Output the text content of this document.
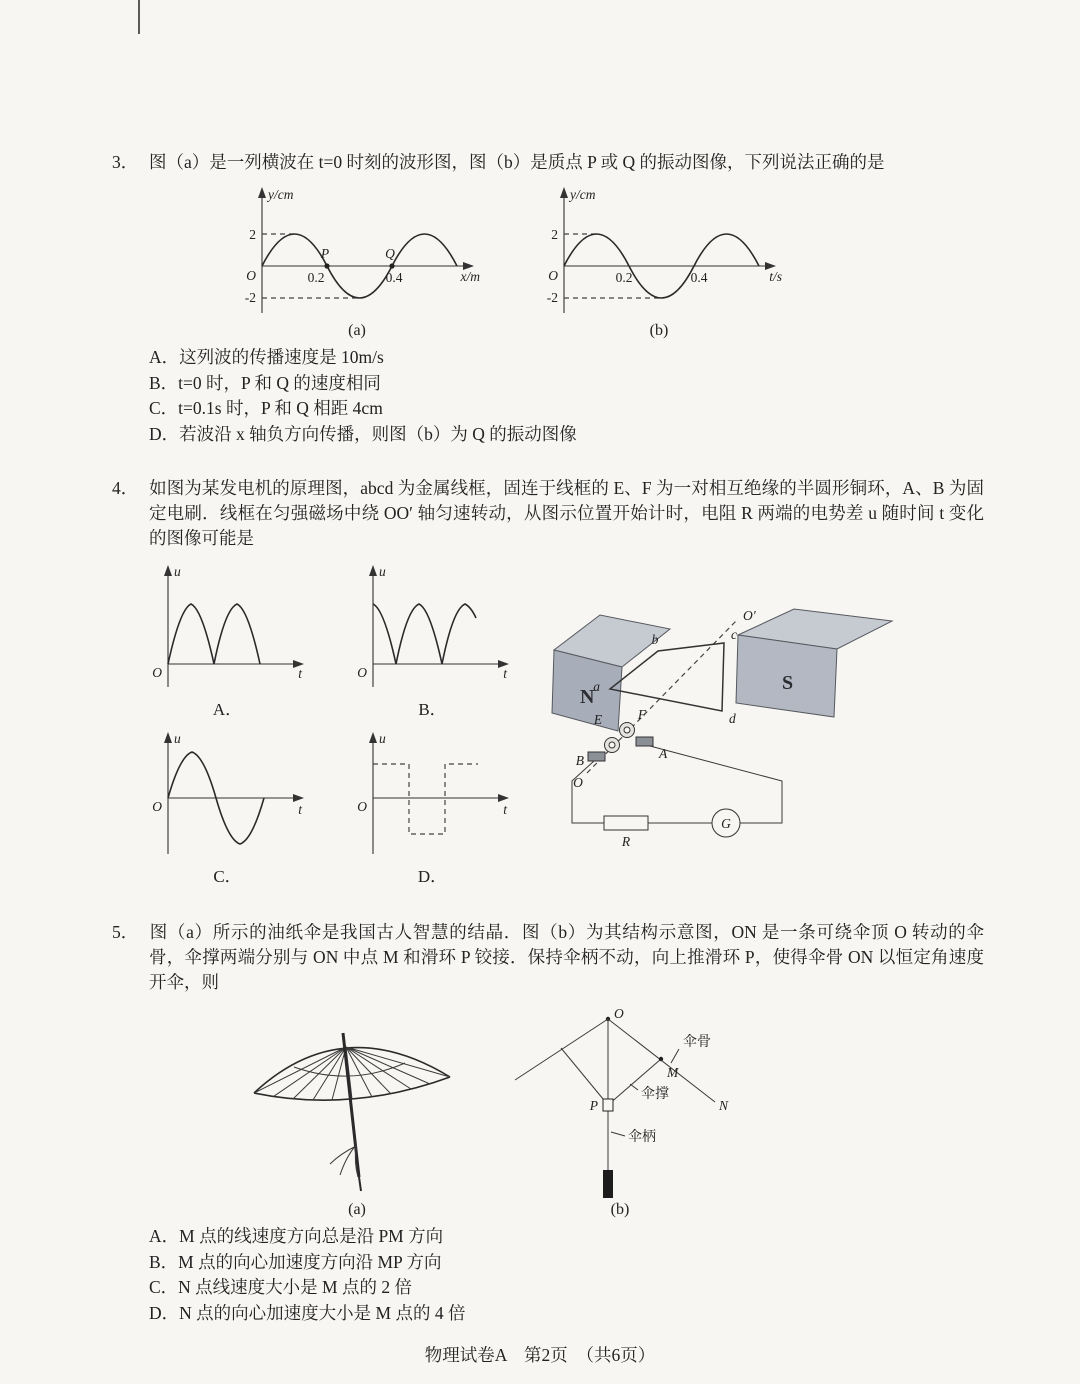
3． 图（a）是一列横波在 t=0 时刻的波形图，图（b）是质点 P 或 Q 的振动图像，下列说法正确的是
y/cm
x/m
O
2
-2
0.2	0.4
P	Q
(a)
y/cm
t/s
O
2
-2
0.2	0.4
(b)
A．这列波的传播速度是 10m/s
B．t=0 时，P 和 Q 的速度相同
C．t=0.1s 时，P 和 Q 相距 4cm
D．若波沿 x 轴负方向传播，则图（b）为 Q 的振动图像
4． 如图为某发电机的原理图，abcd 为金属线框，固连于线框的 E、F 为一对相互绝缘的半圆形铜环，A、B 为固定电刷．线框在匀强磁场中绕 OO′ 轴匀速转动，从图示位置开始计时，电阻 R 两端的电势差 u 随时间 t 变化的图像可能是
u
t
O
A．
u
t
O
B．
u
t
O
C．
u
t
O
D．
N
S
O′
O
a
b	c
d
E	F
A
B
R
G
5． 图（a）所示的油纸伞是我国古人智慧的结晶．图（b）为其结构示意图，ON 是一条可绕伞顶 O 转动的伞骨，伞撑两端分别与 ON 中点 M 和滑环 P 铰接．保持伞柄不动，向上推滑环 P，使得伞骨 ON 以恒定角速度开伞，则
(a)
O
伞骨
M
伞撑
P	N
伞柄
(b)
A．M 点的线速度方向总是沿 PM 方向
B．M 点的向心加速度方向沿 MP 方向
C．N 点线速度大小是 M 点的 2 倍
D．N 点的向心加速度大小是 M 点的 4 倍
物理试卷A　第2页　（共6页）
